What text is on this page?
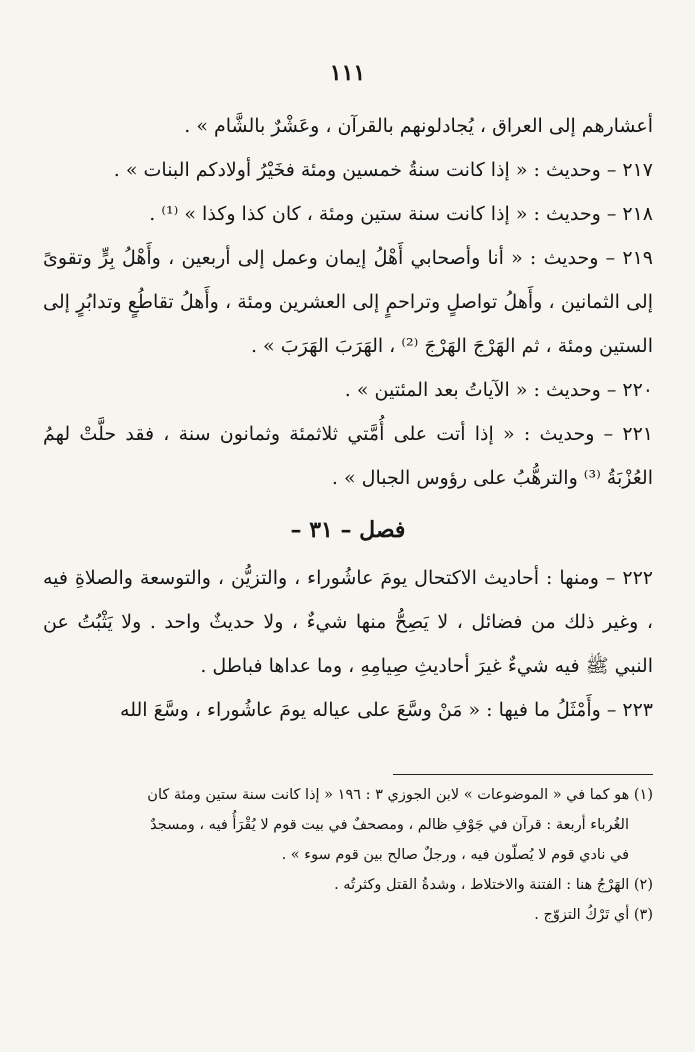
١١١

أعشارهم إلى العراق ، يُجادلونهم بالقرآن ، وعَشْرٌ بالشَّام » .

٢١٧ – وحديث : « إذا كانت سنةُ خمسين ومئة فخَيْرُ أولادكم البنات » .

٢١٨ – وحديث : « إذا كانت سنة ستين ومئة ، كان كذا وكذا » ⁽¹⁾ .

٢١٩ – وحديث : « أنا وأصحابي أَهْلُ إيمان وعمل إلى أربعين ، وأَهْلُ بِرٍّ وتقوىً إلى الثمانين ، وأَهلُ تواصلٍ وتراحمٍ إلى العشرين ومئة ، وأَهلُ تقاطُعٍ وتدابُرٍ إلى الستين ومئة ، ثم الهَرْجَ الهَرْجَ ⁽²⁾ ، الهَرَبَ الهَرَبَ » .

٢٢٠ – وحديث : « الآياتُ بعد المئتين » .

٢٢١ – وحديث : « إذا أتت على أُمَّتي ثلاثمئة وثمانون سنة ، فقد حلَّتْ لهمُ العُزْبَةُ ⁽³⁾ والترهُّبُ على رؤوس الجبال » .

فصل – ٣١ –

٢٢٢ – ومنها : أحاديث الاكتحال يومَ عاشُوراء ، والتزيُّن ، والتوسعة والصلاةِ فيه ، وغير ذلك من فضائل ، لا يَصِحُّ منها شيءٌ ، ولا حديثٌ واحد . ولا يَثْبُتُ عن النبي ﷺ فيه شيءٌ غيرَ أحاديثِ صِيامِهِ ، وما عداها فباطل .

٢٢٣ – وأَمْثَلُ ما فيها : « مَنْ وسَّعَ على عياله يومَ عاشُوراء ، وسَّعَ الله

(١) هو كما في « الموضوعات » لابن الجوزي ٣ : ١٩٦ « إذا كانت سنة ستين ومئة كان

الغُرباء أربعة : قرآن في جَوْفِ ظالم ، ومصحفٌ في بيت قوم لا يُقْرَأُ فيه ، ومسجدٌ

في نادي قوم لا يُصلّون فيه ، ورجلٌ صالح بين قوم سوء » .

(٢) الهَرْجُ هنا : الفتنة والاختلاط ، وشدةُ القتل وكثرتُه .

(٣) أي تَرْكُ التزوّج .
